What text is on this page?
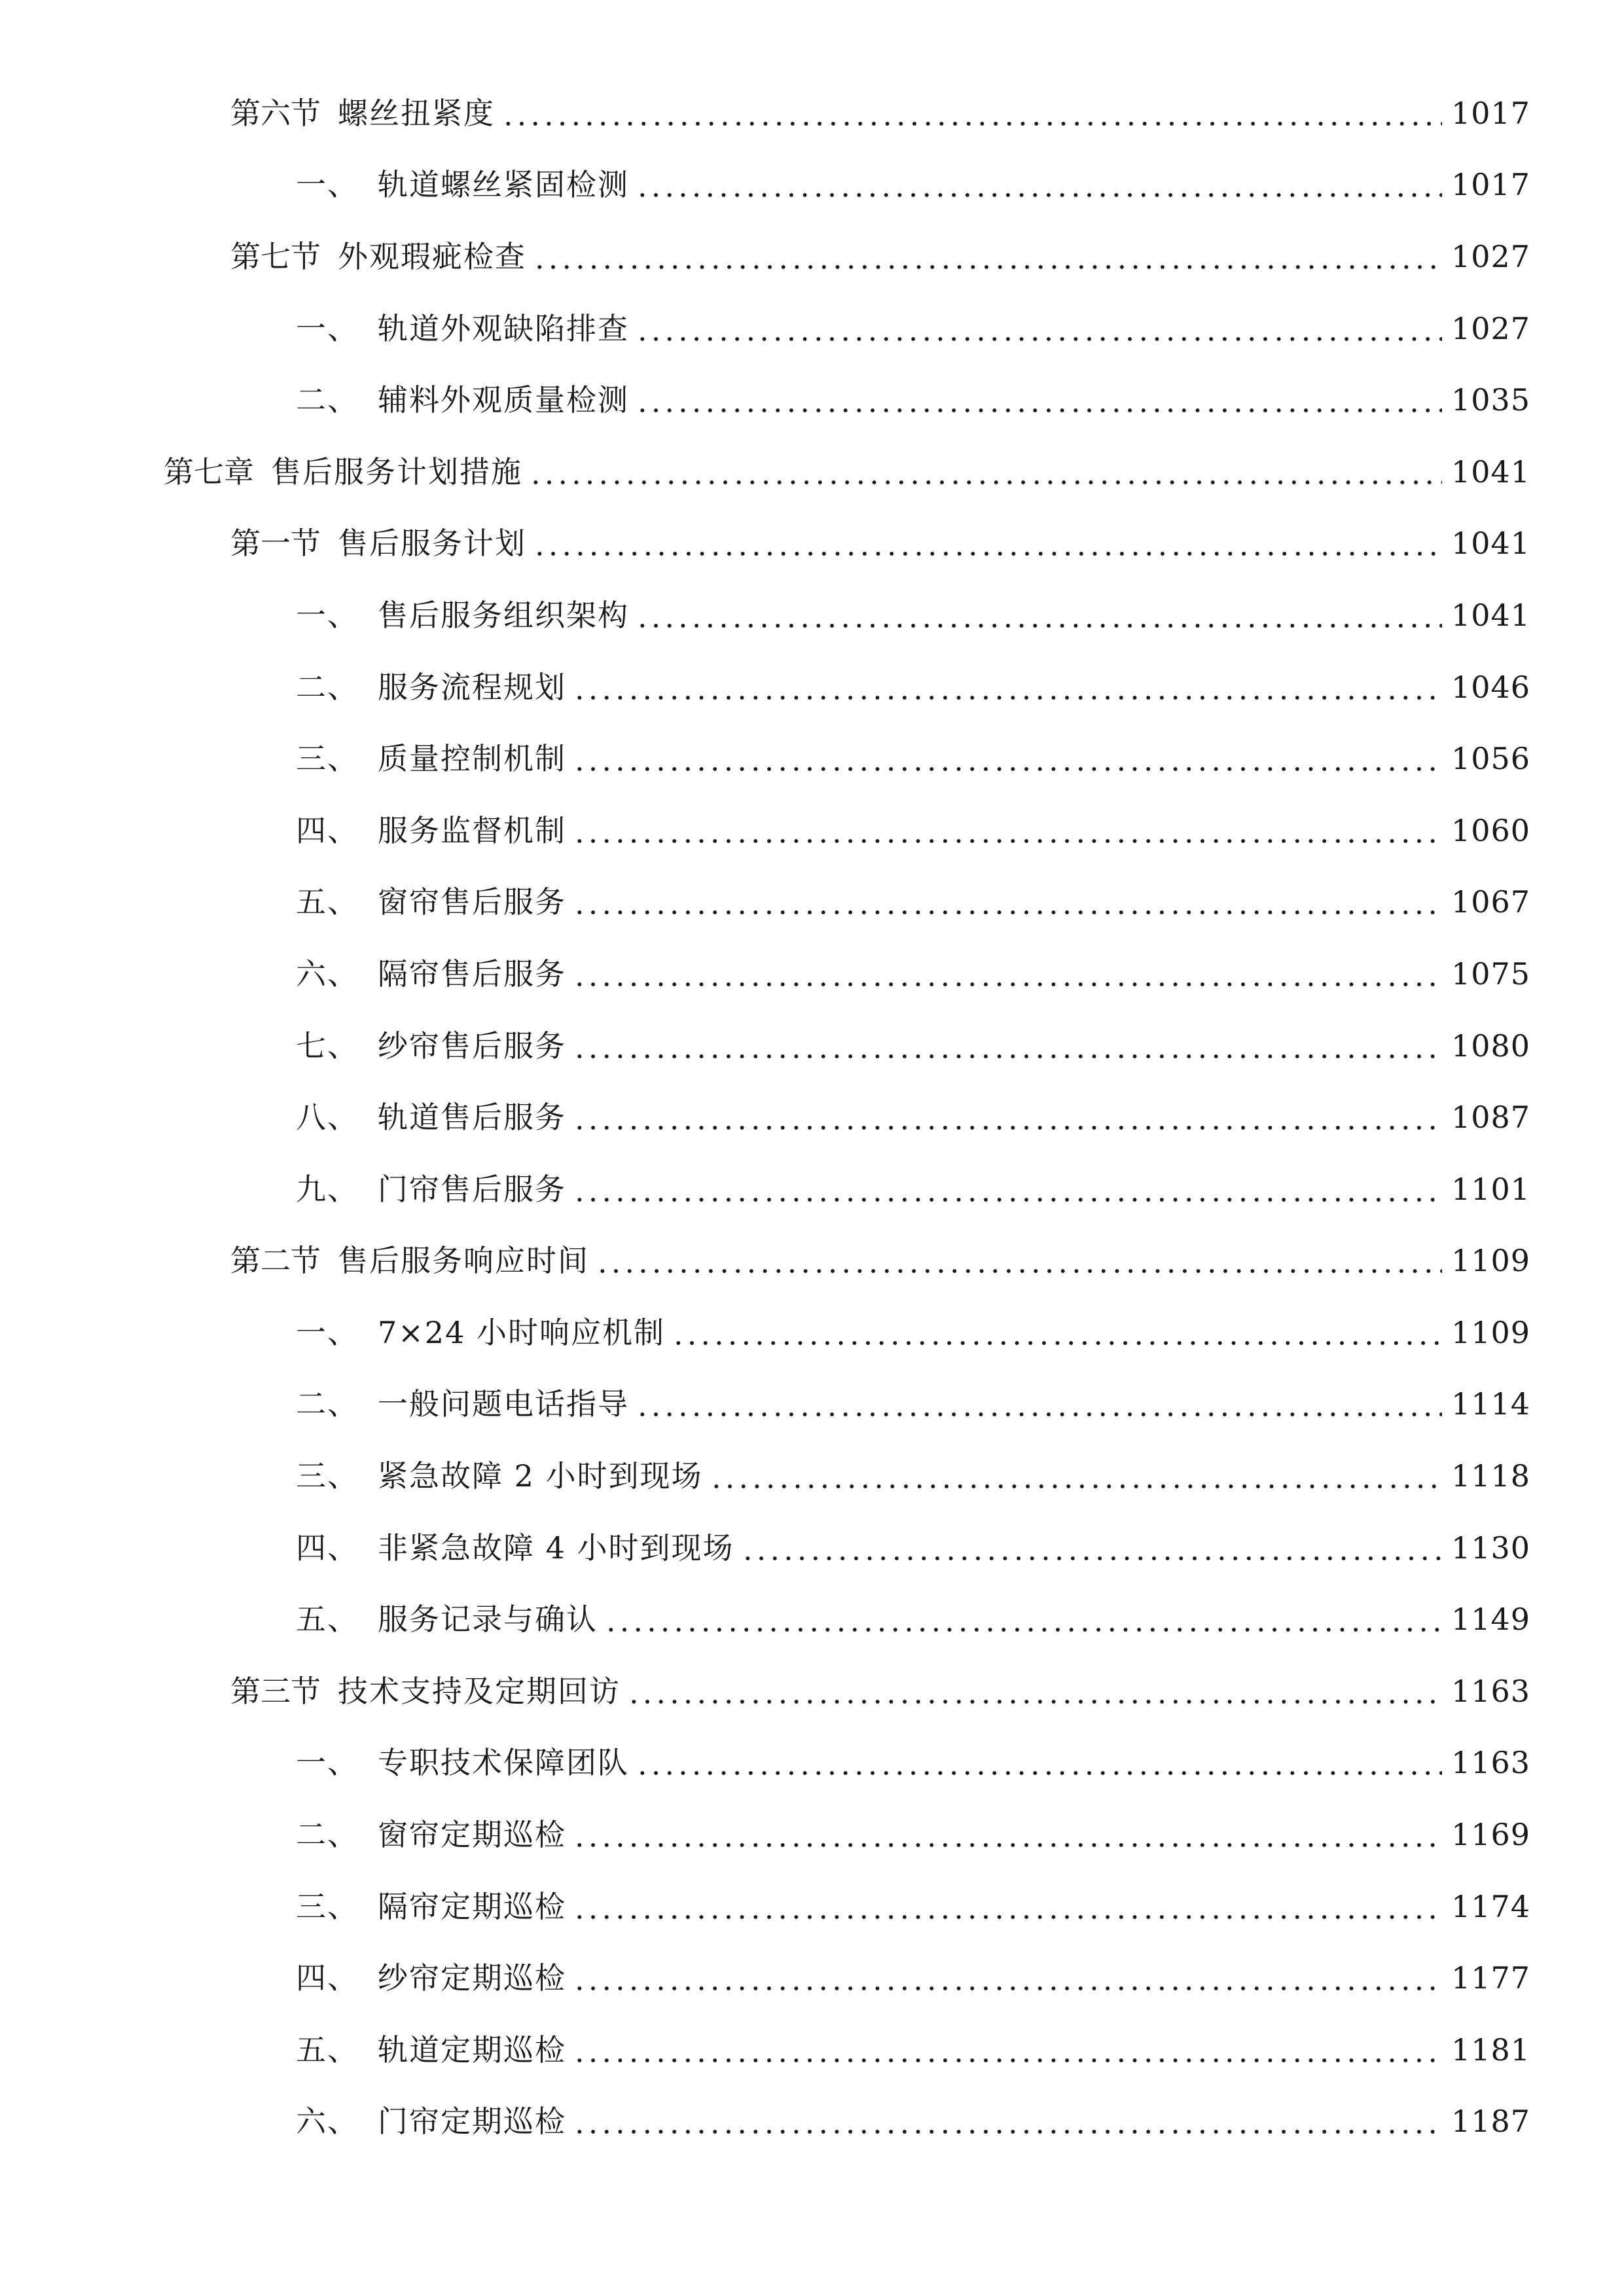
第六节 螺丝扭紧度	1017
一、 轨道螺丝紧固检测	1017
第七节 外观瑕疵检查	1027
一、 轨道外观缺陷排查	1027
二、 辅料外观质量检测	1035
第七章 售后服务计划措施	1041
第一节 售后服务计划	1041
一、 售后服务组织架构	1041
二、 服务流程规划	1046
三、 质量控制机制	1056
四、 服务监督机制	1060
五、 窗帘售后服务	1067
六、 隔帘售后服务	1075
七、 纱帘售后服务	1080
八、 轨道售后服务	1087
九、 门帘售后服务	1101
第二节 售后服务响应时间	1109
一、 7×24 小时响应机制	1109
二、 一般问题电话指导	1114
三、 紧急故障 2 小时到现场	1118
四、 非紧急故障 4 小时到现场	1130
五、 服务记录与确认	1149
第三节 技术支持及定期回访	1163
一、 专职技术保障团队	1163
二、 窗帘定期巡检	1169
三、 隔帘定期巡检	1174
四、 纱帘定期巡检	1177
五、 轨道定期巡检	1181
六、 门帘定期巡检	1187
